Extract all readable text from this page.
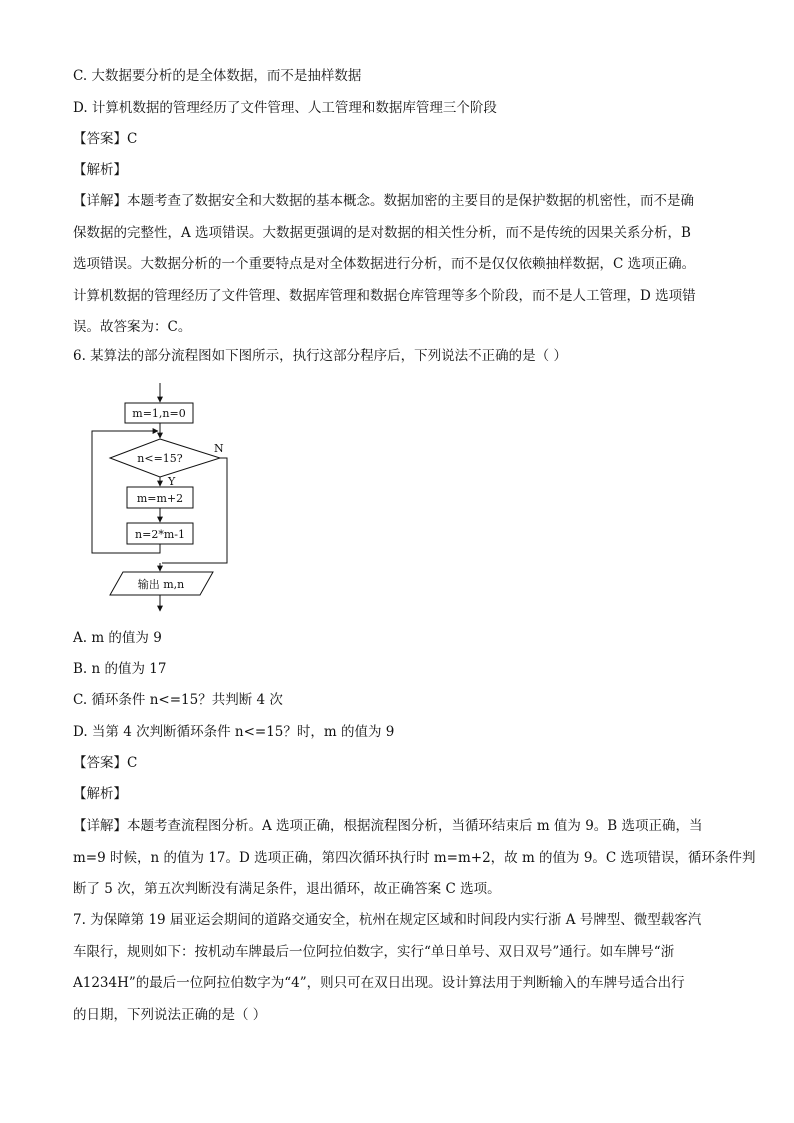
C. 大数据要分析的是全体数据，而不是抽样数据
D. 计算机数据的管理经历了文件管理、人工管理和数据库管理三个阶段
【答案】C
【解析】
【详解】本题考查了数据安全和大数据的基本概念。数据加密的主要目的是保护数据的机密性，而不是确
保数据的完整性，A 选项错误。大数据更强调的是对数据的相关性分析，而不是传统的因果关系分析，B
选项错误。大数据分析的一个重要特点是对全体数据进行分析，而不是仅仅依赖抽样数据，C 选项正确。
计算机数据的管理经历了文件管理、数据库管理和数据仓库管理等多个阶段，而不是人工管理，D 选项错
误。故答案为：C。
6. 某算法的部分流程图如下图所示，执行这部分程序后，下列说法不正确的是（ ）
m=1,n=0
n<=15?
Y
N
m=m+2
n=2*m-1
输出 m,n
A. m 的值为 9
B. n 的值为 17
C. 循环条件 n<=15？共判断 4 次
D. 当第 4 次判断循环条件 n<=15？时，m 的值为 9
【答案】C
【解析】
【详解】本题考查流程图分析。A 选项正确，根据流程图分析，当循环结束后 m 值为 9。B 选项正确，当
m=9 时候，n 的值为 17。D 选项正确，第四次循环执行时 m=m+2，故 m 的值为 9。C 选项错误，循环条件判
断了 5 次，第五次判断没有满足条件，退出循环，故正确答案 C 选项。
7. 为保障第 19 届亚运会期间的道路交通安全，杭州在规定区域和时间段内实行浙 A 号牌型、微型载客汽
车限行，规则如下：按机动车牌最后一位阿拉伯数字，实行“单日单号、双日双号”通行。如车牌号“浙
A1234H”的最后一位阿拉伯数字为“4”，则只可在双日出现。设计算法用于判断输入的车牌号适合出行
的日期，下列说法正确的是（ ）
